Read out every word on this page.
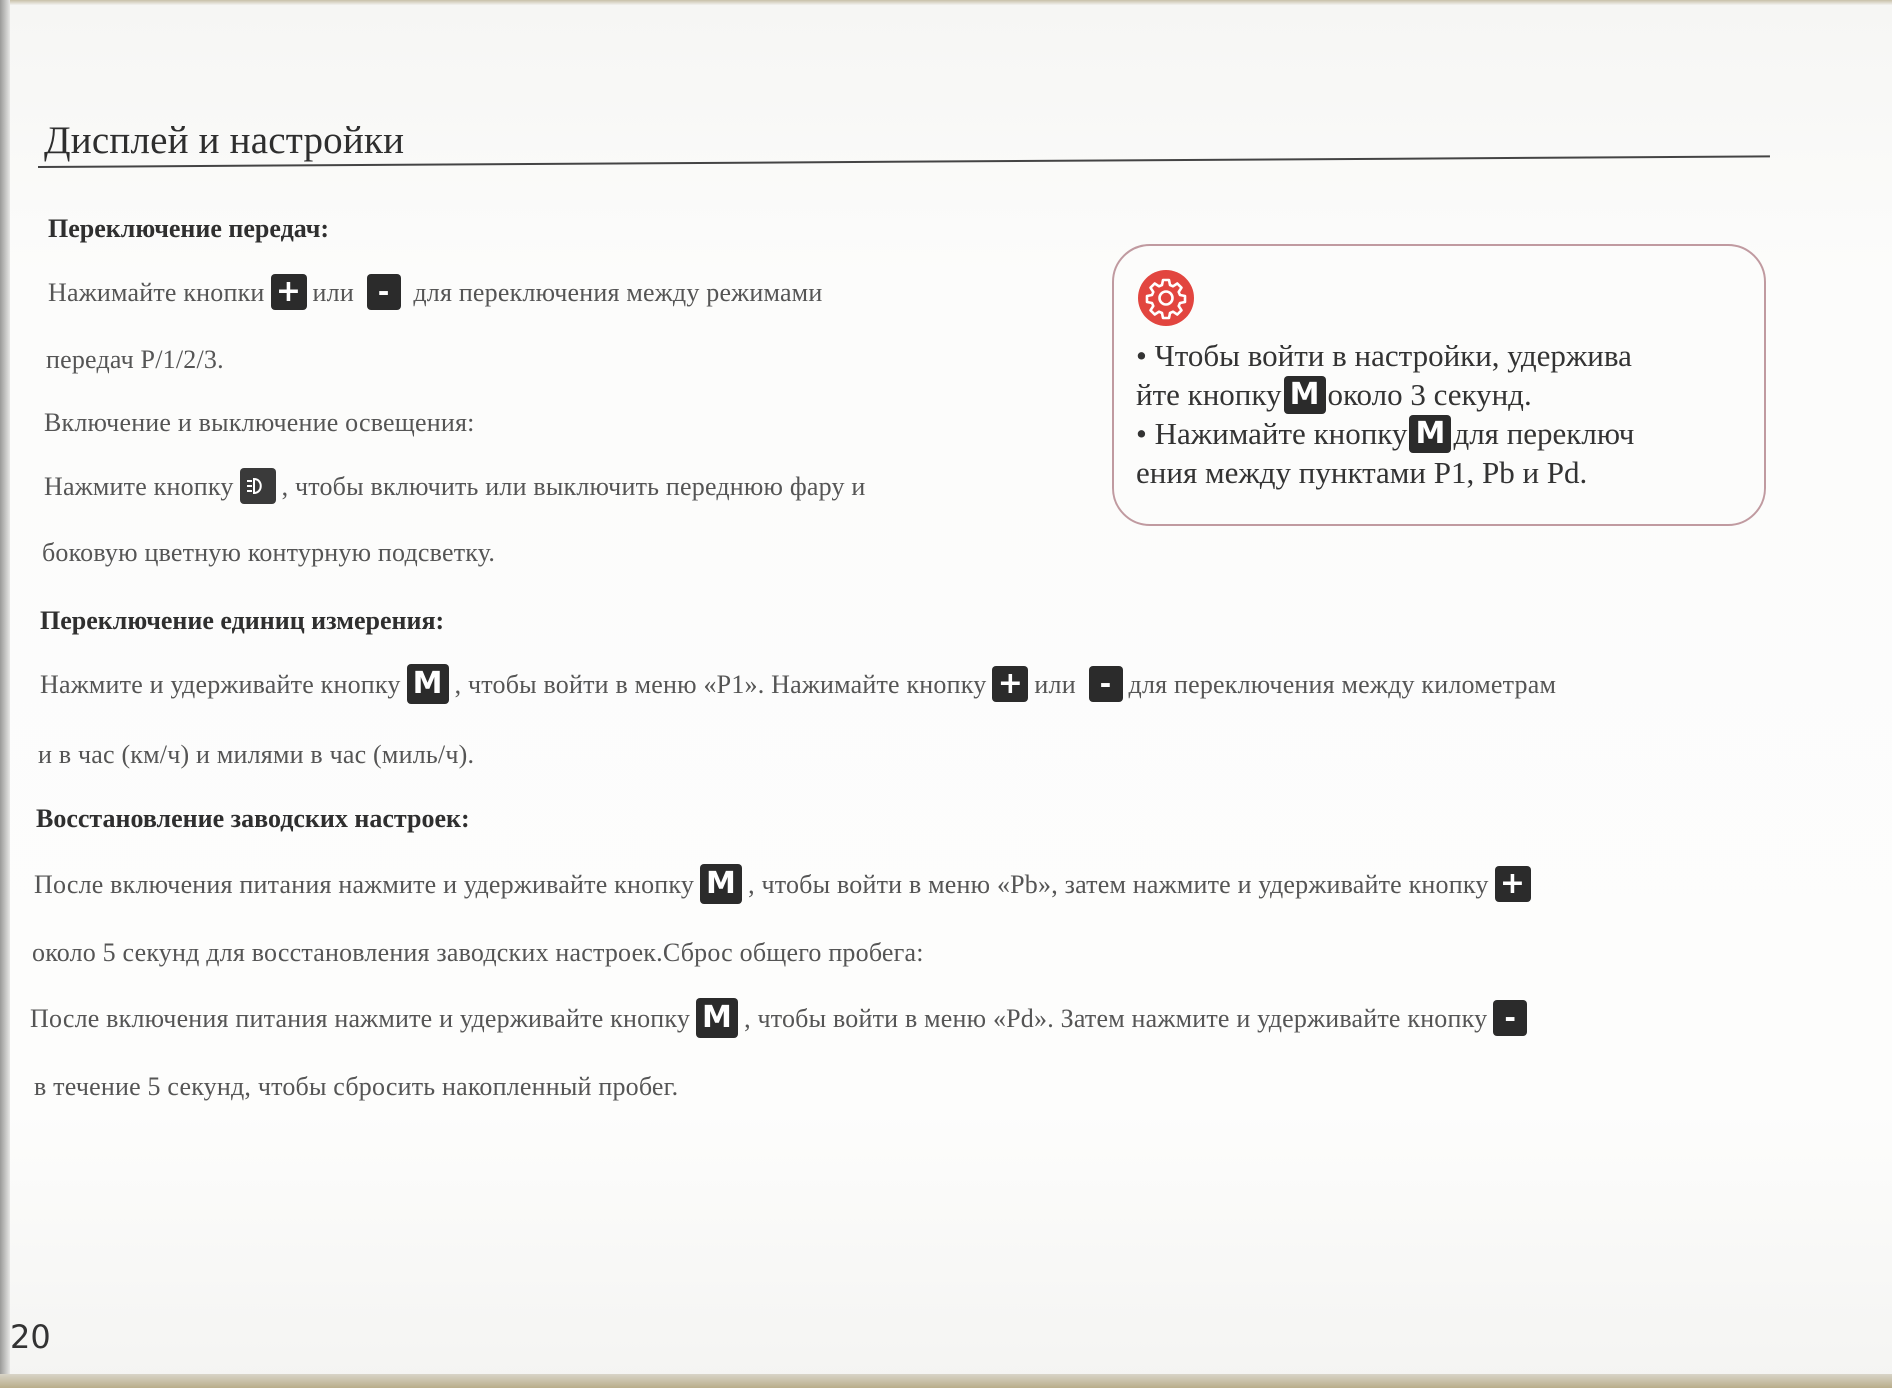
Дисплей и настройки
Переключение передач:
Нажимайте кнопки + или - для переключения между режимами
передач P/1/2/3.
Включение и выключение освещения:
Нажмите кнопку , чтобы включить или выключить переднюю фару и
боковую цветную контурную подсветку.
Переключение единиц измерения:
Нажмите и удерживайте кнопку M , чтобы войти в меню «P1». Нажимайте кнопку + или - для переключения между километрам
и в час (км/ч) и милями в час (миль/ч).
Восстановление заводских настроек:
После включения питания нажмите и удерживайте кнопку M , чтобы войти в меню «Pb», затем нажмите и удерживайте кнопку +
около 5 секунд для восстановления заводских настроек.Сброс общего пробега:
После включения питания нажмите и удерживайте кнопку M , чтобы войти в меню «Pd». Затем нажмите и удерживайте кнопку -
в течение 5 секунд, чтобы сбросить накопленный пробег.
• Чтобы войти в настройки, удержива
йте кнопку M около 3 секунд.
• Нажимайте кнопку M для переключ
ения между пунктами P1, Pb и Pd.
20
